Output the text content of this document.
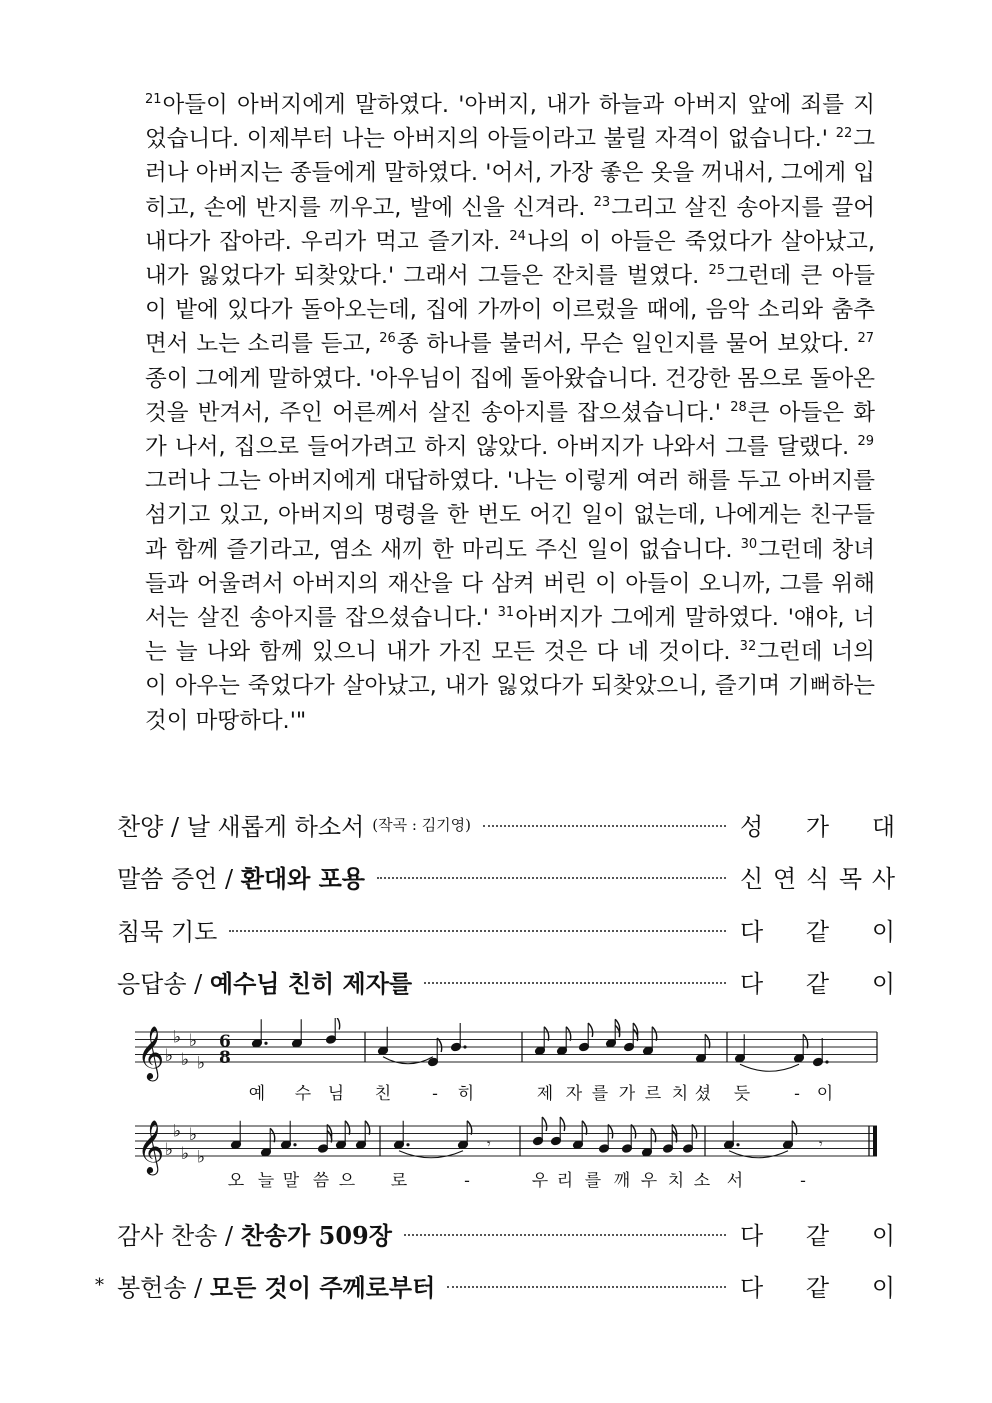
$^{21}$아들이 아버지에게 말하였다. '아버지, 내가 하늘과 아버지 앞에 죄를 지었습니다. 이제부터 나는 아버지의 아들이라고 불릴 자격이 없습니다.' $^{22}$그러나 아버지는 종들에게 말하였다. '어서, 가장 좋은 옷을 꺼내서, 그에게 입히고, 손에 반지를 끼우고, 발에 신을 신겨라. $^{23}$그리고 살진 송아지를 끌어내다가 잡아라. 우리가 먹고 즐기자. $^{24}$나의 이 아들은 죽었다가 살아났고, 내가 잃었다가 되찾았다.' 그래서 그들은 잔치를 벌였다. $^{25}$그런데 큰 아들이 밭에 있다가 돌아오는데, 집에 가까이 이르렀을 때에, 음악 소리와 춤추면서 노는 소리를 듣고, $^{26}$종 하나를 불러서, 무슨 일인지를 물어 보았다. $^{27}$종이 그에게 말하였다. '아우님이 집에 돌아왔습니다. 건강한 몸으로 돌아온 것을 반겨서, 주인 어른께서 살진 송아지를 잡으셨습니다.' $^{28}$큰 아들은 화가 나서, 집으로 들어가려고 하지 않았다. 아버지가 나와서 그를 달랬다. $^{29}$그러나 그는 아버지에게 대답하였다. '나는 이렇게 여러 해를 두고 아버지를 섬기고 있고, 아버지의 명령을 한 번도 어긴 일이 없는데, 나에게는 친구들과 함께 즐기라고, 염소 새끼 한 마리도 주신 일이 없습니다. $^{30}$그런데 창녀들과 어울려서 아버지의 재산을 다 삼켜 버린 이 아들이 오니까, 그를 위해서는 살진 송아지를 잡으셨습니다.' $^{31}$아버지가 그에게 말하였다. '얘야, 너는 늘 나와 함께 있으니 내가 가진 모든 것은 다 네 것이다. $^{32}$그런데 너의 이 아우는 죽었다가 살아났고, 내가 잃었다가 되찾았으니, 즐기며 기뻐하는 것이 마땅하다.'"
찬양 / 날 새롭게 하소서 (작곡 : 김기영)	성 가 대
말씀 증언 / 환대와 포용	신 연 식 목 사
침묵 기도	다 같 이
응답송 / 예수님 친히 제자를	다 같 이
감사 찬송 / 찬송가 509장	다 같 이
* 봉헌송 / 모든 것이 주께로부터	다 같 이
𝄞 ♭
♭
♭
♭
♭
6
8
𝄞 ♭
♭
♭
♭
♭
𝄾	𝄾
예 수 님 친 - 히	제 자 를 가 르 치 셨 듯	- 이
오 늘 말 씀 으 로	-	우 리 를 깨 우 치 소 서	-
